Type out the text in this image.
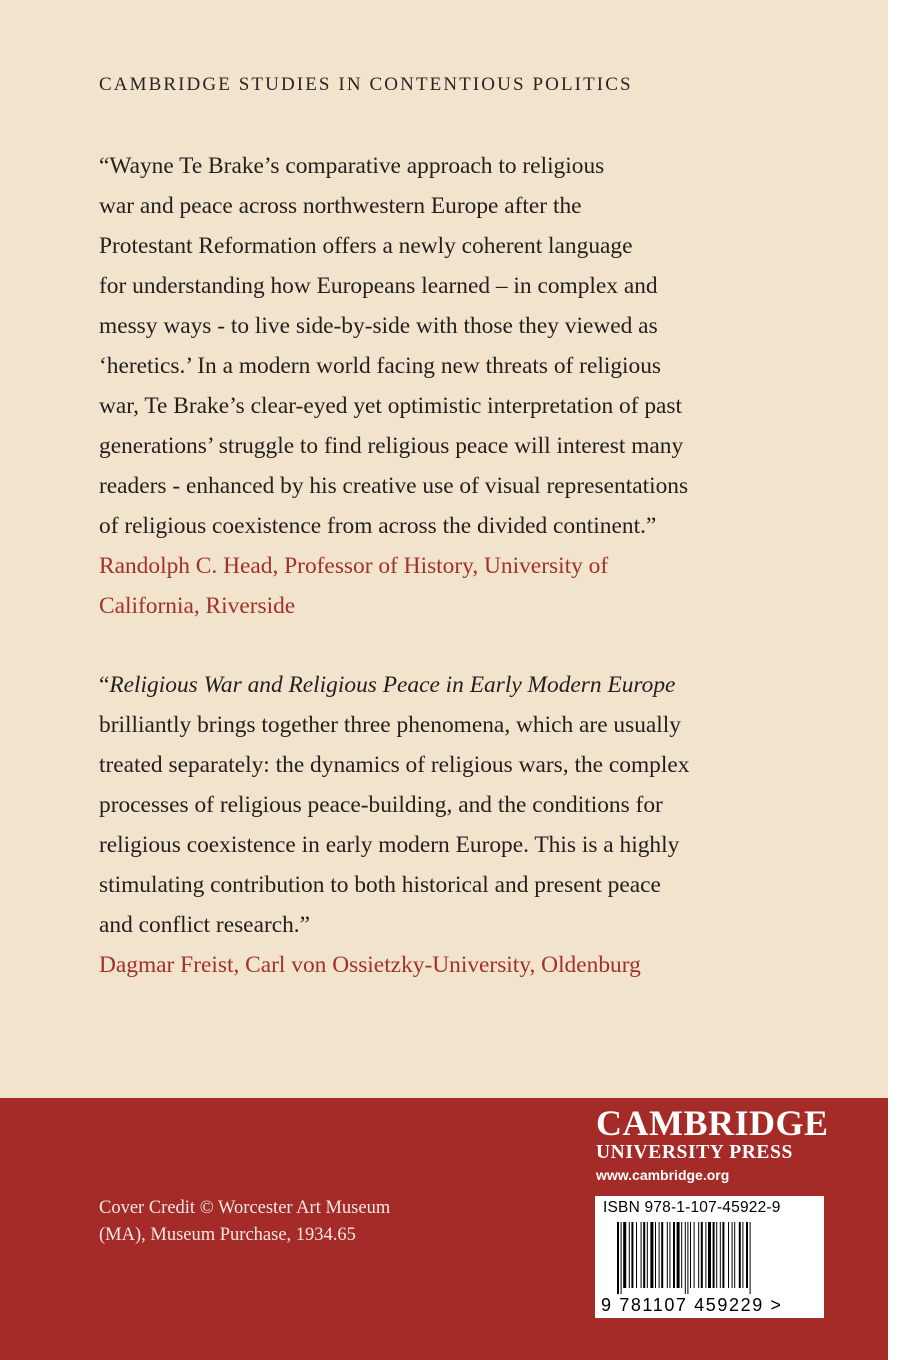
CAMBRIDGE STUDIES IN CONTENTIOUS POLITICS
“Wayne Te Brake’s comparative approach to religious
war and peace across northwestern Europe after the
Protestant Reformation offers a newly coherent language
for understanding how Europeans learned – in complex and
messy ways - to live side-by-side with those they viewed as
‘heretics.’ In a modern world facing new threats of religious
war, Te Brake’s clear-eyed yet optimistic interpretation of past
generations’ struggle to find religious peace will interest many
readers - enhanced by his creative use of visual representations
of religious coexistence from across the divided continent.”
Randolph C. Head, Professor of History, University of
California, Riverside
“Religious War and Religious Peace in Early Modern Europe
brilliantly brings together three phenomena, which are usually
treated separately: the dynamics of religious wars, the complex
processes of religious peace-building, and the conditions for
religious coexistence in early modern Europe. This is a highly
stimulating contribution to both historical and present peace
and conflict research.”
Dagmar Freist, Carl von Ossietzky-University, Oldenburg
Cover Credit © Worcester Art Museum
(MA), Museum Purchase, 1934.65
CAMBRIDGE
UNIVERSITY PRESS
www.cambridge.org
ISBN 978-1-107-45922-9
9 781107 459229 >
